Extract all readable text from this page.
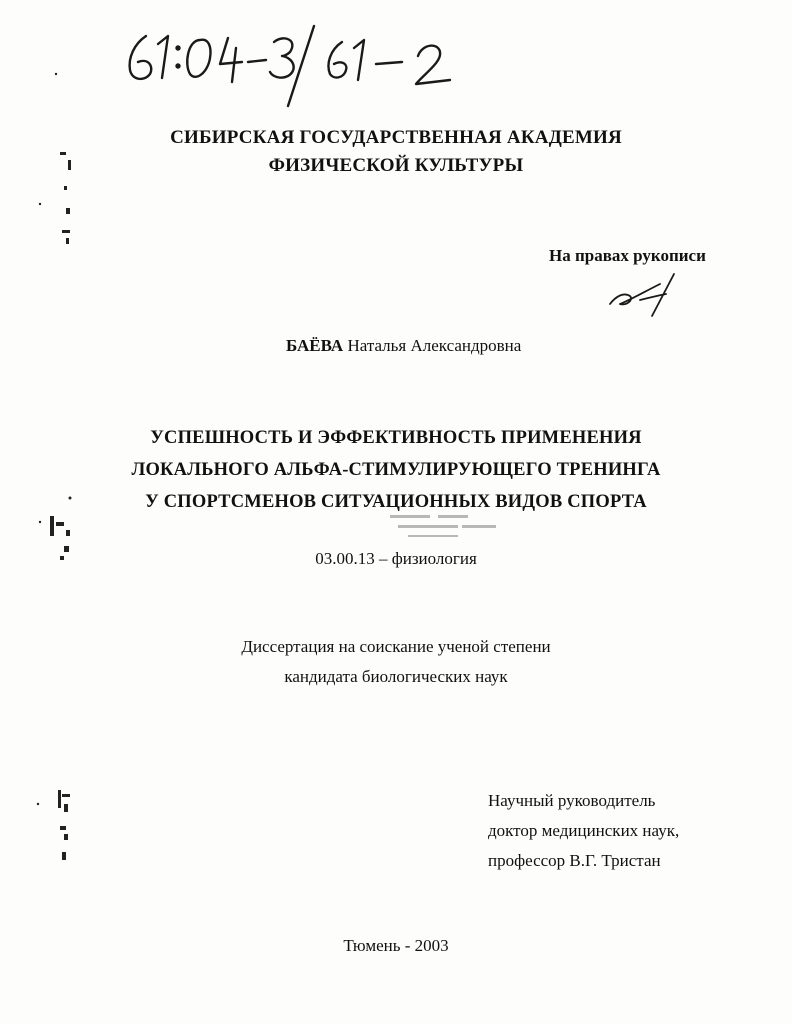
61:04-3/61-2
СИБИРСКАЯ ГОСУДАРСТВЕННАЯ АКАДЕМИЯ
ФИЗИЧЕСКОЙ КУЛЬТУРЫ
На правах рукописи
БАЁВА Наталья Александровна
УСПЕШНОСТЬ И ЭФФЕКТИВНОСТЬ ПРИМЕНЕНИЯ
ЛОКАЛЬНОГО АЛЬФА-СТИМУЛИРУЮЩЕГО ТРЕНИНГА
У СПОРТСМЕНОВ СИТУАЦИОННЫХ ВИДОВ СПОРТА
03.00.13 – физиология
Диссертация на соискание ученой степени
кандидата биологических наук
Научный руководитель
доктор медицинских наук,
профессор В.Г. Тристан
Тюмень - 2003
